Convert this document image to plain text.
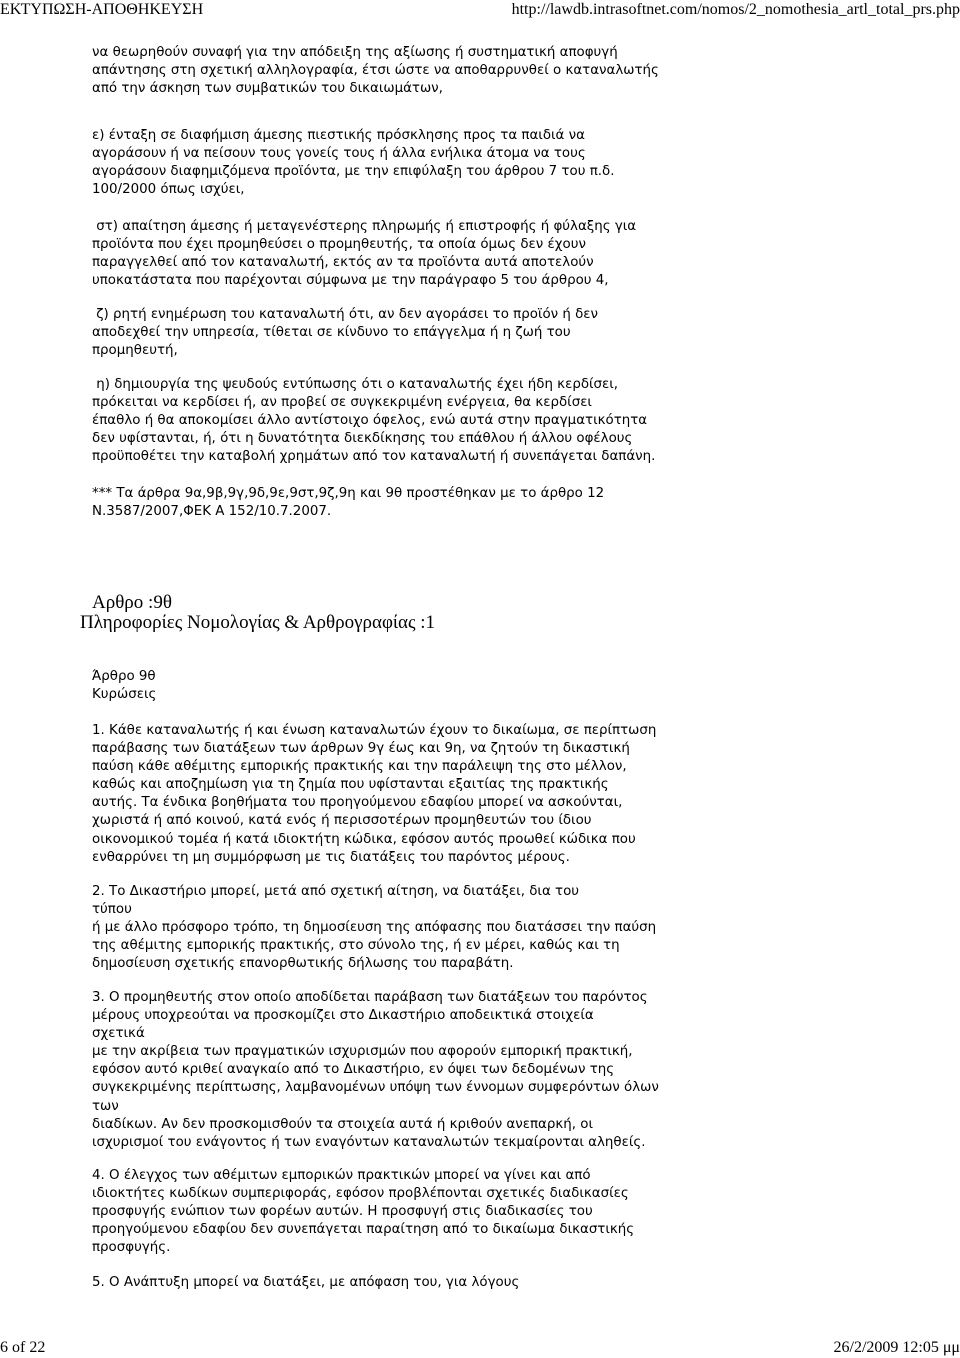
ΕΚΤΥΠΩΣΗ-ΑΠΟΘΗΚΕΥΣΗ	http://lawdb.intrasoftnet.com/nomos/2_nomothesia_artl_total_prs.php
να θεωρηθούν συναφή για την απόδειξη της αξίωσης ή συστηματική αποφυγή
απάντησης στη σχετική αλληλογραφία, έτσι ώστε να αποθαρρυνθεί ο καταναλωτής
από την άσκηση των συμβατικών του δικαιωμάτων,
ε) ένταξη σε διαφήμιση άμεσης πιεστικής πρόσκλησης προς τα παιδιά να
αγοράσουν ή να πείσουν τους γονείς τους ή άλλα ενήλικα άτομα να τους
αγοράσουν διαφημιζόμενα προϊόντα, με την επιφύλαξη του άρθρου 7 του π.δ.
100/2000 όπως ισχύει,
στ) απαίτηση άμεσης ή μεταγενέστερης πληρωμής ή επιστροφής ή φύλαξης για
προϊόντα που έχει προμηθεύσει ο προμηθευτής, τα οποία όμως δεν έχουν
παραγγελθεί από τον καταναλωτή, εκτός αν τα προϊόντα αυτά αποτελούν
υποκατάστατα που παρέχονται σύμφωνα με την παράγραφο 5 του άρθρου 4,
ζ) ρητή ενημέρωση του καταναλωτή ότι, αν δεν αγοράσει το προϊόν ή δεν
αποδεχθεί την υπηρεσία, τίθεται σε κίνδυνο το επάγγελμα ή η ζωή του
προμηθευτή,
η) δημιουργία της ψευδούς εντύπωσης ότι ο καταναλωτής έχει ήδη κερδίσει,
πρόκειται να κερδίσει ή, αν προβεί σε συγκεκριμένη ενέργεια, θα κερδίσει
έπαθλο ή θα αποκομίσει άλλο αντίστοιχο όφελος, ενώ αυτά στην πραγματικότητα
δεν υφίστανται, ή, ότι η δυνατότητα διεκδίκησης του επάθλου ή άλλου οφέλους
προϋποθέτει την καταβολή χρημάτων από τον καταναλωτή ή συνεπάγεται δαπάνη.
*** Τα άρθρα 9α,9β,9γ,9δ,9ε,9στ,9ζ,9η και 9θ προστέθηκαν με το άρθρο 12
Ν.3587/2007,ΦΕΚ Α 152/10.7.2007.
Αρθρο :9θ
Πληροφορίες Νομολογίας & Αρθρογραφίας :1
Άρθρο 9θ
Κυρώσεις
1. Κάθε καταναλωτής ή και ένωση καταναλωτών έχουν το δικαίωμα, σε περίπτωση
παράβασης των διατάξεων των άρθρων 9γ έως και 9η, να ζητούν τη δικαστική
παύση κάθε αθέμιτης εμπορικής πρακτικής και την παράλειψη της στο μέλλον,
καθώς και αποζημίωση για τη ζημία που υφίστανται εξαιτίας της πρακτικής
αυτής. Τα ένδικα βοηθήματα του προηγούμενου εδαφίου μπορεί να ασκούνται,
χωριστά ή από κοινού, κατά ενός ή περισσοτέρων προμηθευτών του ίδιου
οικονομικού τομέα ή κατά ιδιοκτήτη κώδικα, εφόσον αυτός προωθεί κώδικα που
ενθαρρύνει τη μη συμμόρφωση με τις διατάξεις του παρόντος μέρους.
2. Το Δικαστήριο μπορεί, μετά από σχετική αίτηση, να διατάξει, δια του
τύπου
ή με άλλο πρόσφορο τρόπο, τη δημοσίευση της απόφασης που διατάσσει την παύση
της αθέμιτης εμπορικής πρακτικής, στο σύνολο της, ή εν μέρει, καθώς και τη
δημοσίευση σχετικής επανορθωτικής δήλωσης του παραβάτη.
3. Ο προμηθευτής στον οποίο αποδίδεται παράβαση των διατάξεων του παρόντος
μέρους υποχρεούται να προσκομίζει στο Δικαστήριο αποδεικτικά στοιχεία
σχετικά
με την ακρίβεια των πραγματικών ισχυρισμών που αφορούν εμπορική πρακτική,
εφόσον αυτό κριθεί αναγκαίο από το Δικαστήριο, εν όψει των δεδομένων της
συγκεκριμένης περίπτωσης, λαμβανομένων υπόψη των έννομων συμφερόντων όλων
των
διαδίκων. Αν δεν προσκομισθούν τα στοιχεία αυτά ή κριθούν ανεπαρκή, οι
ισχυρισμοί του ενάγοντος ή των εναγόντων καταναλωτών τεκμαίρονται αληθείς.
4. Ο έλεγχος των αθέμιτων εμπορικών πρακτικών μπορεί να γίνει και από
ιδιοκτήτες κωδίκων συμπεριφοράς, εφόσον προβλέπονται σχετικές διαδικασίες
προσφυγής ενώπιον των φορέων αυτών. Η προσφυγή στις διαδικασίες του
προηγούμενου εδαφίου δεν συνεπάγεται παραίτηση από το δικαίωμα δικαστικής
προσφυγής.
5. Ο Ανάπτυξη μπορεί να διατάξει, με απόφαση του, για λόγους
6 of 22	26/2/2009 12:05 μμ
